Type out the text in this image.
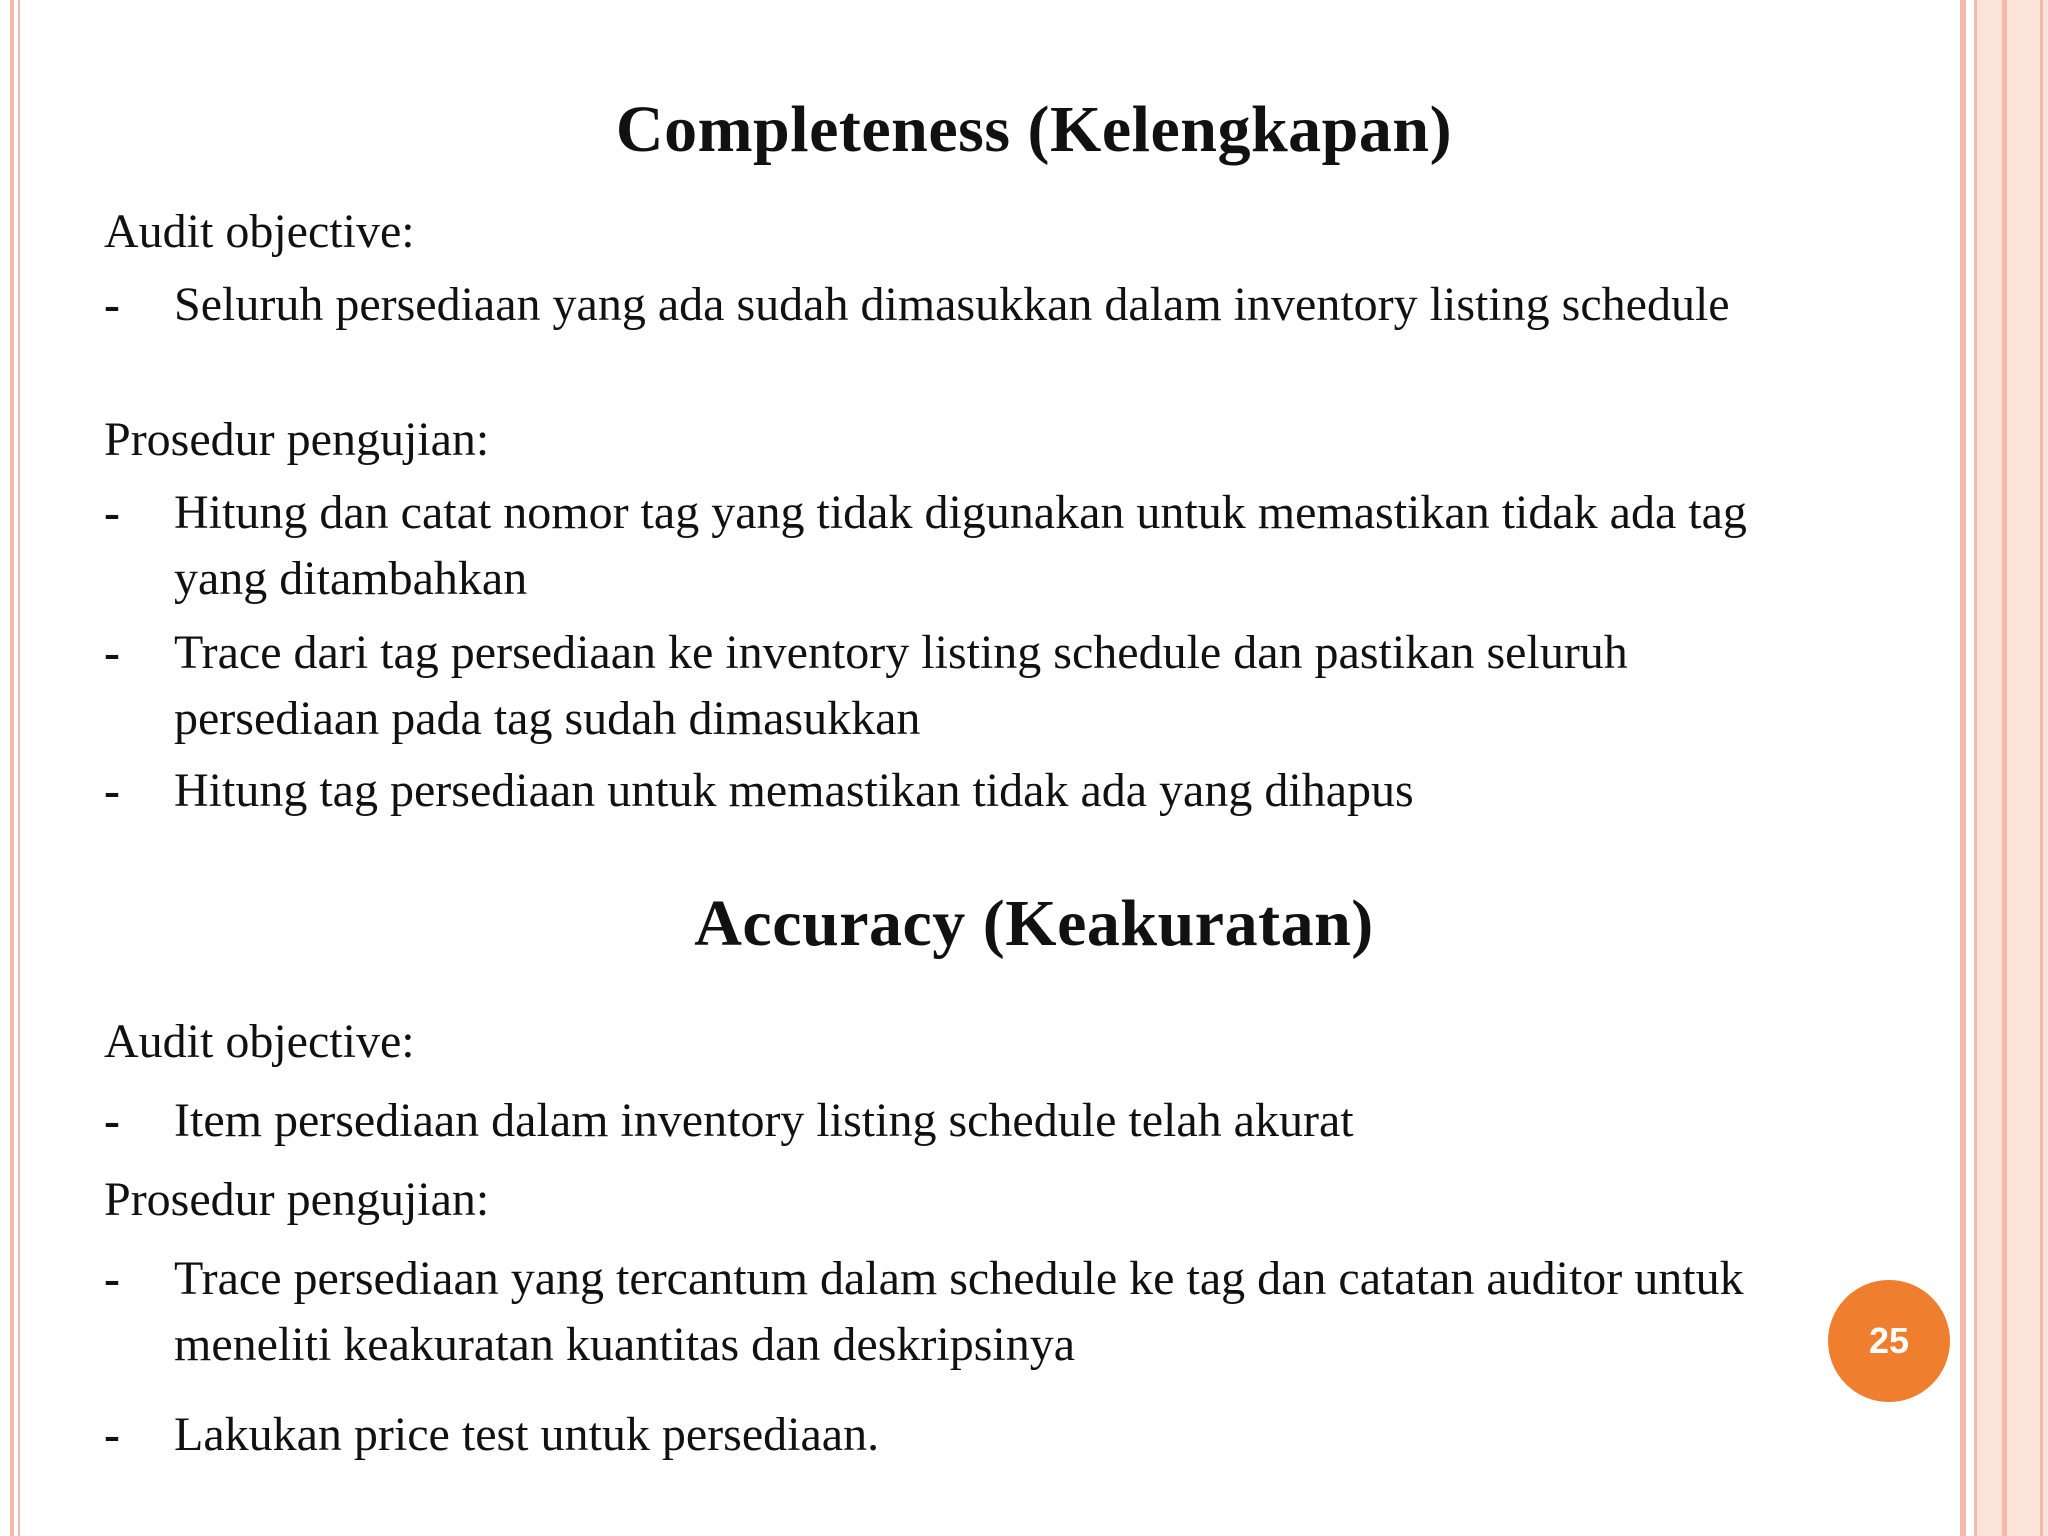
Completeness (Kelengkapan)
Audit objective:
- Seluruh persediaan yang ada sudah dimasukkan dalam inventory listing schedule
Prosedur pengujian:
- Hitung dan catat nomor tag yang tidak digunakan untuk memastikan tidak ada tag yang ditambahkan
- Trace dari tag persediaan ke inventory listing schedule dan pastikan seluruh persediaan pada tag sudah dimasukkan
- Hitung tag persediaan untuk memastikan tidak ada yang dihapus
Accuracy (Keakuratan)
Audit objective:
- Item persediaan dalam inventory listing schedule telah akurat
Prosedur pengujian:
- Trace persediaan yang tercantum dalam schedule ke tag dan catatan auditor untuk meneliti keakuratan kuantitas dan deskripsinya
- Lakukan price test untuk persediaan.
25
